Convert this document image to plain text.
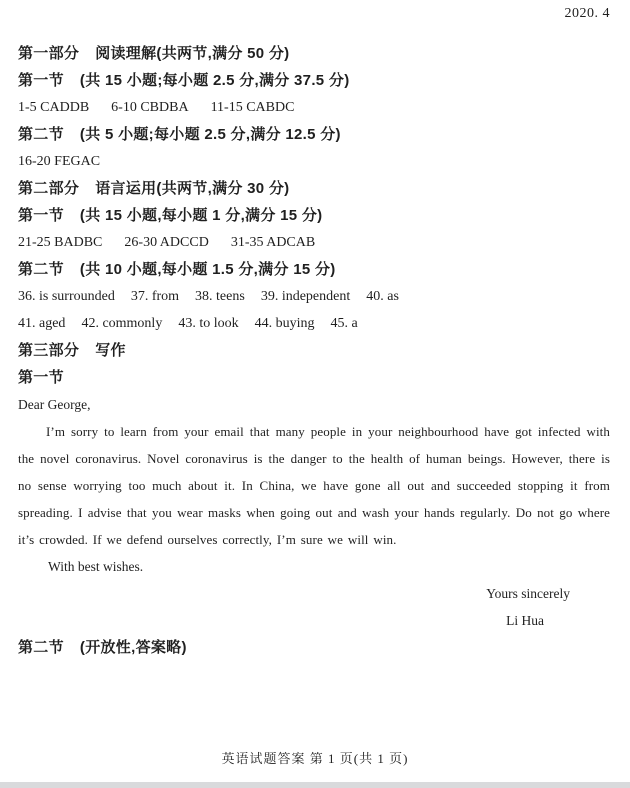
2020. 4
第一部分 阅读理解(共两节,满分 50 分)
第一节 (共 15 小题;每小题 2.5 分,满分 37.5 分)
1-5 CADDB 6-10 CBDBA 11-15 CABDC
第二节 (共 5 小题;每小题 2.5 分,满分 12.5 分)
16-20 FEGAC
第二部分 语言运用(共两节,满分 30 分)
第一节 (共 15 小题,每小题 1 分,满分 15 分)
21-25 BADBC 26-30 ADCCD 31-35 ADCAB
第二节 (共 10 小题,每小题 1.5 分,满分 15 分)
36. is surrounded 37. from 38. teens 39. independent 40. as
41. aged 42. commonly 43. to look 44. buying 45. a
第三部分 写作
第一节
Dear George,

I’m sorry to learn from your email that many people in your neighbourhood have got infected with the novel coronavirus. Novel coronavirus is the danger to the health of human beings. However, there is no sense worrying too much about it. In China, we have gone all out and succeeded stopping it from spreading. I advise that you wear masks when going out and wash your hands regularly. Do not go where it’s crowded. If we defend ourselves correctly, I’m sure we will win.

With best wishes.
Yours sincerely
Li Hua
第二节 (开放性,答案略)
英语试题答案 第 1 页(共 1 页)
